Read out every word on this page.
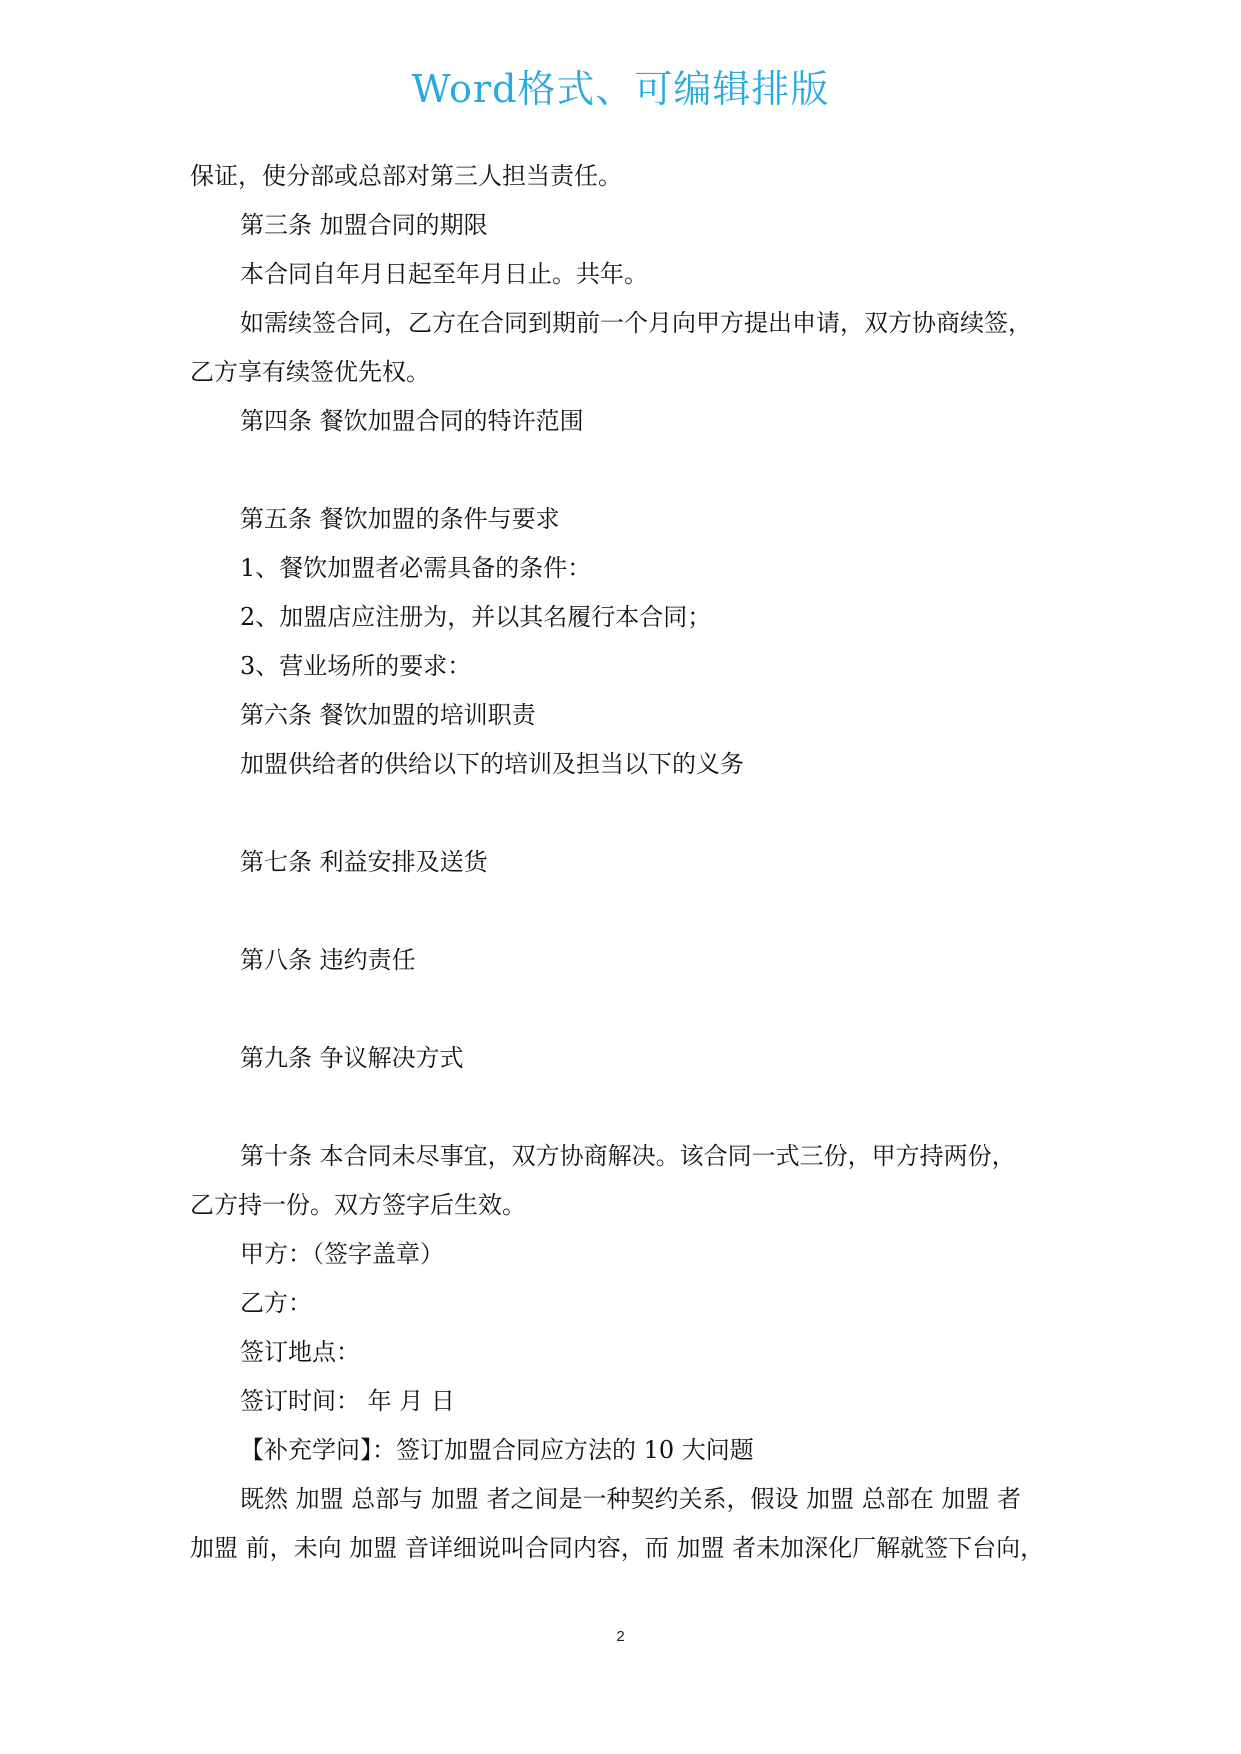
Word格式、可编辑排版

保证，使分部或总部对第三人担当责任。

第三条 加盟合同的期限

本合同自年月日起至年月日止。共年。

如需续签合同，乙方在合同到期前一个月向甲方提出申请，双方协商续签，

乙方享有续签优先权。

第四条 餐饮加盟合同的特许范围

第五条 餐饮加盟的条件与要求

1、餐饮加盟者必需具备的条件：

2、加盟店应注册为，并以其名履行本合同；

3、营业场所的要求：

第六条 餐饮加盟的培训职责

加盟供给者的供给以下的培训及担当以下的义务

第七条 利益安排及送货

第八条 违约责任

第九条 争议解决方式

第十条 本合同未尽事宜，双方协商解决。该合同一式三份，甲方持两份，

乙方持一份。双方签字后生效。

甲方：（签字盖章）

乙方：

签订地点：

签订时间： 年 月 日

【补充学问】：签订加盟合同应方法的 10 大问题

既然 加盟 总部与 加盟 者之间是一种契约关系，假设 加盟 总部在 加盟 者

加盟 前，未向 加盟 音详细说叫合同内容，而 加盟 者未加深化厂解就签下台向，

2
